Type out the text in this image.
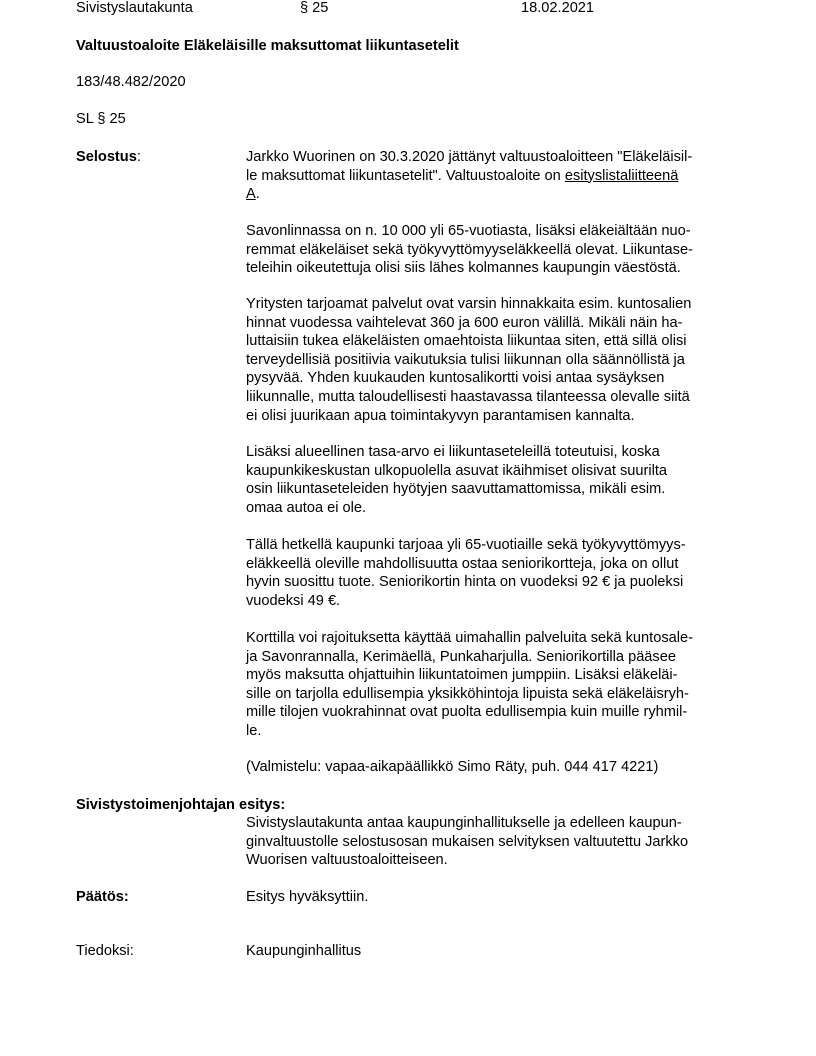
Sivistyslautakunta	§ 25	18.02.2021
Valtuustoaloite Eläkeläisille maksuttomat liikuntasetelit
183/48.482/2020
SL § 25
Selostus:	Jarkko Wuorinen on 30.3.2020 jättänyt valtuustoaloitteen "Eläkeläisil-
le maksuttomat liikuntasetelit". Valtuustoaloite on esityslistaliitteenä
A.

Savonlinnassa on n. 10 000 yli 65-vuotiasta, lisäksi eläkeiältään nuo-
remmat eläkeläiset sekä työkyvyttömyyseläkkeellä olevat. Liikuntase-
teleihin oikeutettuja olisi siis lähes kolmannes kaupungin väestöstä.

Yritysten tarjoamat palvelut ovat varsin hinnakkaita esim. kuntosalien
hinnat vuodessa vaihtelevat 360 ja 600 euron välillä. Mikäli näin ha-
luttaisiin tukea eläkeläisten omaehtoista liikuntaa siten, että sillä olisi
terveydellisiä positiivia vaikutuksia tulisi liikunnan olla säännöllistä ja
pysyvää. Yhden kuukauden kuntosalikortti voisi antaa sysäyksen
liikunnalle, mutta taloudellisesti haastavassa tilanteessa olevalle siitä
ei olisi juurikaan apua toimintakyvyn parantamisen kannalta.

Lisäksi alueellinen tasa-arvo ei liikuntaseteleillä toteutuisi, koska
kaupunkikeskustan ulkopuolella asuvat ikäihmiset olisivat suurilta
osin liikuntaseteleiden hyötyjen saavuttamattomissa, mikäli esim.
omaa autoa ei ole.

Tällä hetkellä kaupunki tarjoaa yli 65-vuotiaille sekä työkyvyttömyys-
eläkkeellä oleville mahdollisuutta ostaa seniorikortteja, joka on ollut
hyvin suosittu tuote. Seniorikortin hinta on vuodeksi 92 € ja puoleksi
vuodeksi 49 €.

Korttilla voi rajoituksetta käyttää uimahallin palveluita sekä kuntosale-
ja Savonrannalla, Kerimäellä, Punkaharjulla. Seniorikortilla pääsee
myös maksutta ohjattuihin liikuntatoimen jumppiin. Lisäksi eläkeläi-
sille on tarjolla edullisempia yksikköhintoja lipuista sekä eläkeläisryh-
mille tilojen vuokrahinnat ovat puolta edullisempia kuin muille ryhmil-
le.

(Valmistelu: vapaa-aikapäällikkö Simo Räty, puh. 044 417 4221)

Sivistystoimenjohtajan esitys:

Sivistyslautakunta antaa kaupunginhallitukselle ja edelleen kaupun-
ginvaltuustolle selostusosan mukaisen selvityksen valtuutettu Jarkko
Wuorisen valtuustoaloitteiseen.

Päätös:	Esitys hyväksyttiin.
Tiedoksi:	Kaupunginhallitus
